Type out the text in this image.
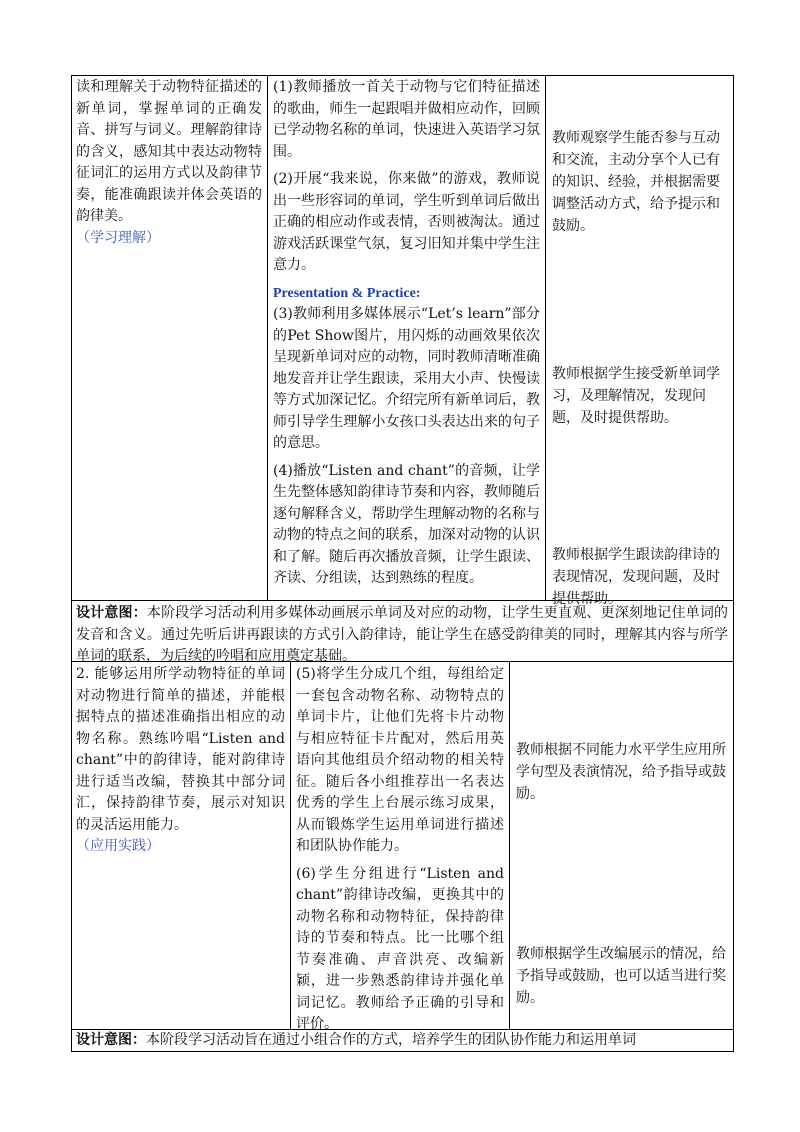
读和理解关于动物特征描述的新单词，掌握单词的正确发音、拼写与词义。理解韵律诗的含义，感知其中表达动物特征词汇的运用方式以及韵律节奏，能准确跟读并体会英语的韵律美。

（学习理解）

(1)教师播放一首关于动物与它们特征描述的歌曲，师生一起跟唱并做相应动作，回顾已学动物名称的单词，快速进入英语学习氛围。

(2)开展“我来说，你来做”的游戏，教师说出一些形容词的单词，学生听到单词后做出正确的相应动作或表情，否则被淘汰。通过游戏活跃课堂气氛，复习旧知并集中学生注意力。

Presentation & Practice:

(3)教师利用多媒体展示“Let’s learn”部分的Pet Show图片，用闪烁的动画效果依次呈现新单词对应的动物，同时教师清晰准确地发音并让学生跟读，采用大小声、快慢读等方式加深记忆。介绍完所有新单词后，教师引导学生理解小女孩口头表达出来的句子的意思。

(4)播放“Listen and chant”的音频，让学生先整体感知韵律诗节奏和内容，教师随后逐句解释含义，帮助学生理解动物的名称与动物的特点之间的联系，加深对动物的认识和了解。随后再次播放音频，让学生跟读、齐读、分组读，达到熟练的程度。

教师观察学生能否参与互动和交流，主动分享个人已有的知识、经验，并根据需要调整活动方式，给予提示和鼓励。

教师根据学生接受新单词学习，及理解情况，发现问题，及时提供帮助。

教师根据学生跟读韵律诗的表现情况，发现问题，及时提供帮助。

设计意图：本阶段学习活动利用多媒体动画展示单词及对应的动物，让学生更直观、更深刻地记住单词的发音和含义。通过先听后讲再跟读的方式引入韵律诗，能让学生在感受韵律美的同时，理解其内容与所学单词的联系，为后续的吟唱和应用奠定基础。

2. 能够运用所学动物特征的单词对动物进行简单的描述，并能根据特点的描述准确指出相应的动物名称。熟练吟唱“Listen and chant”中的韵律诗，能对韵律诗进行适当改编，替换其中部分词汇，保持韵律节奏，展示对知识的灵活运用能力。

（应用实践）

(5)将学生分成几个组，每组给定一套包含动物名称、动物特点的单词卡片，让他们先将卡片动物与相应特征卡片配对，然后用英语向其他组员介绍动物的相关特征。随后各小组推荐出一名表达优秀的学生上台展示练习成果，从而锻炼学生运用单词进行描述和团队协作能力。

(6)学生分组进行“Listen and chant”韵律诗改编，更换其中的动物名称和动物特征，保持韵律诗的节奏和特点。比一比哪个组节奏准确、声音洪亮、改编新颖，进一步熟悉韵律诗并强化单词记忆。教师给予正确的引导和评价。

教师根据不同能力水平学生应用所学句型及表演情况，给予指导或鼓励。

教师根据学生改编展示的情况，给予指导或鼓励，也可以适当进行奖励。

设计意图：本阶段学习活动旨在通过小组合作的方式，培养学生的团队协作能力和运用单词
